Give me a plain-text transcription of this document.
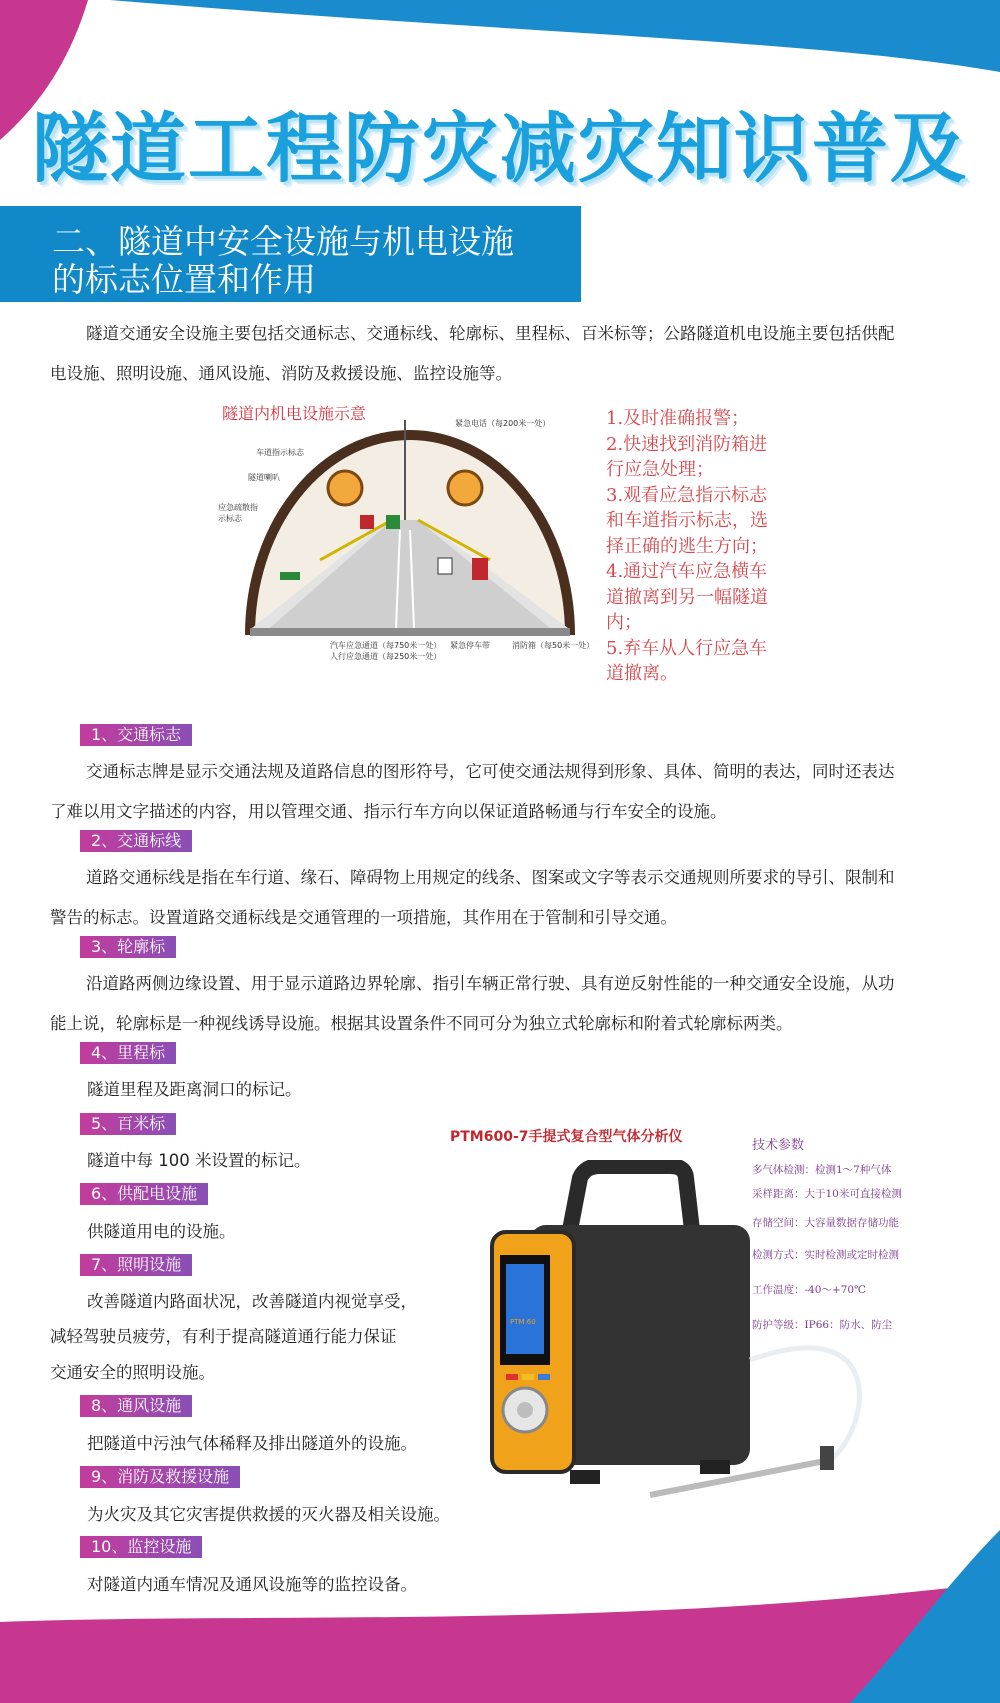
隧道工程防灾减灾知识普及
二、隧道中安全设施与机电设施
的标志位置和作用
隧道交通安全设施主要包括交通标志、交通标线、轮廓标、里程标、百米标等；公路隧道机电设施主要包括供配
电设施、照明设施、通风设施、消防及救援设施、监控设施等。
隧道内机电设施示意
紧急电话（每200米一处）
车道指示标志
隧道喇叭
应急疏散指示标志
汽车应急通道（每750米一处）
人行应急通道（每250米一处）
紧急停车带	消防箱（每50米一处）
1.及时准确报警；
2.快速找到消防箱进行应急处理；
3.观看应急指示标志和车道指示标志，选择正确的逃生方向；
4.通过汽车应急横车道撤离到另一幅隧道内；
5.弃车从人行应急车道撤离。
1、交通标志
交通标志牌是显示交通法规及道路信息的图形符号，它可使交通法规得到形象、具体、简明的表达，同时还表达
了难以用文字描述的内容，用以管理交通、指示行车方向以保证道路畅通与行车安全的设施。
2、交通标线
道路交通标线是指在车行道、缘石、障碍物上用规定的线条、图案或文字等表示交通规则所要求的导引、限制和
警告的标志。设置道路交通标线是交通管理的一项措施，其作用在于管制和引导交通。
3、轮廓标
沿道路两侧边缘设置、用于显示道路边界轮廓、指引车辆正常行驶、具有逆反射性能的一种交通安全设施，从功
能上说，轮廓标是一种视线诱导设施。根据其设置条件不同可分为独立式轮廓标和附着式轮廓标两类。
4、里程标
隧道里程及距离洞口的标记。
5、百米标
隧道中每 100 米设置的标记。
6、供配电设施
供隧道用电的设施。
7、照明设施
改善隧道内路面状况，改善隧道内视觉享受，
减轻驾驶员疲劳，有利于提高隧道通行能力保证
交通安全的照明设施。
8、通风设施
把隧道中污浊气体稀释及排出隧道外的设施。
9、消防及救援设施
为火灾及其它灾害提供救援的灭火器及相关设施。
10、监控设施
对隧道内通车情况及通风设施等的监控设备。
PTM600-7手提式复合型气体分析仪
PTM 60
技术参数
多气体检测：检测1～7种气体
采样距离：大于10米可直接检测
存储空间：大容量数据存储功能
检测方式：实时检测或定时检测
工作温度：-40～+70℃
防护等级：IP66：防水、防尘
